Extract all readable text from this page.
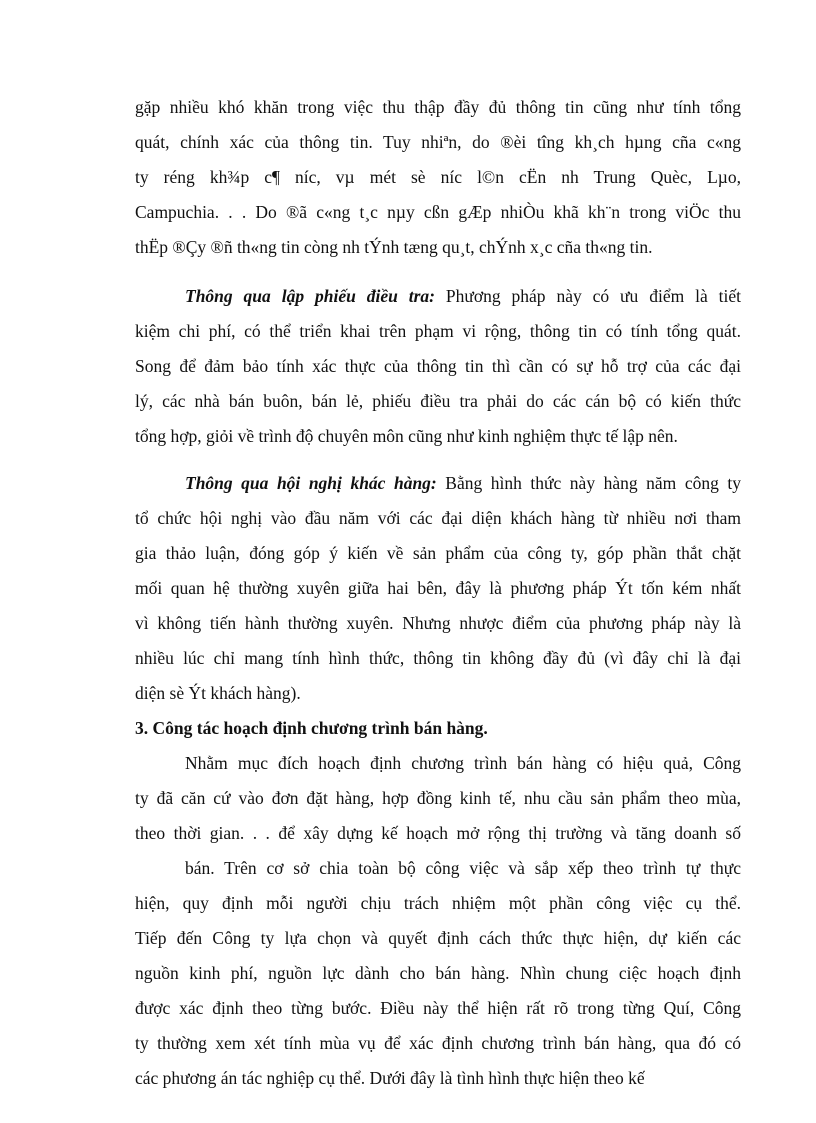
gặp nhiều khó khăn trong việc thu thập đầy đủ thông tin cũng như tính tổng
quát, chính xác của thông tin. Tuy nhiªn, do ®èi tîng kh¸ch hµng cña c«ng
ty réng kh¾p c¶ níc, vµ mét sè níc l©n cËn nh Trung Quèc, Lµo,
Campuchia. . . Do ®ã c«ng t¸c nµy cßn gÆp nhiÒu khã kh¨n trong viÖc thu
thËp ®Çy ®ñ th«ng tin còng nh tÝnh tæng qu¸t, chÝnh x¸c cña th«ng tin.
Thông qua lập phiếu điều tra: Phương pháp này có ưu điểm là tiết
kiệm chi phí, có thể triển khai trên phạm vi rộng, thông tin có tính tổng quát.
Song để đảm bảo tính xác thực của thông tin thì cần có sự hỗ trợ của các đại
lý, các nhà bán buôn, bán lẻ, phiếu điều tra phải do các cán bộ có kiến thức
tổng hợp, giỏi về trình độ chuyên môn cũng như kinh nghiệm thực tế lập nên.
Thông qua hội nghị khác hàng: Bằng hình thức này hàng năm công ty
tổ chức hội nghị vào đầu năm với các đại diện khách hàng từ nhiều nơi tham
gia thảo luận, đóng góp ý kiến về sản phẩm của công ty, góp phần thắt chặt
mối quan hệ thường xuyên giữa hai bên, đây là phương pháp Ýt tốn kém nhất
vì không tiến hành thường xuyên. Nhưng nhược điểm của phương pháp này là
nhiều lúc chỉ mang tính hình thức, thông tin không đầy đủ (vì đây chỉ là đại
diện sè Ýt khách hàng).
3. Công tác hoạch định chương trình bán hàng.
Nhằm mục đích hoạch định chương trình bán hàng có hiệu quả, Công
ty đã căn cứ vào đơn đặt hàng, hợp đồng kinh tế, nhu cầu sản phẩm theo mùa,
theo thời gian. . . để xây dựng kế hoạch mở rộng thị trường và tăng doanh số
bán. Trên cơ sở chia toàn bộ công việc và sắp xếp theo trình tự thực
hiện, quy định mỗi người chịu trách nhiệm một phần công việc cụ thể.
Tiếp đến Công ty lựa chọn và quyết định cách thức thực hiện, dự kiến các
nguồn kinh phí, nguồn lực dành cho bán hàng. Nhìn chung ciệc hoạch định
được xác định theo từng bước. Điều này thể hiện rất rõ trong từng Quí, Công
ty thường xem xét tính mùa vụ để xác định chương trình bán hàng, qua đó có
các phương án tác nghiệp cụ thể. Dưới đây là tình hình thực hiện theo kế
